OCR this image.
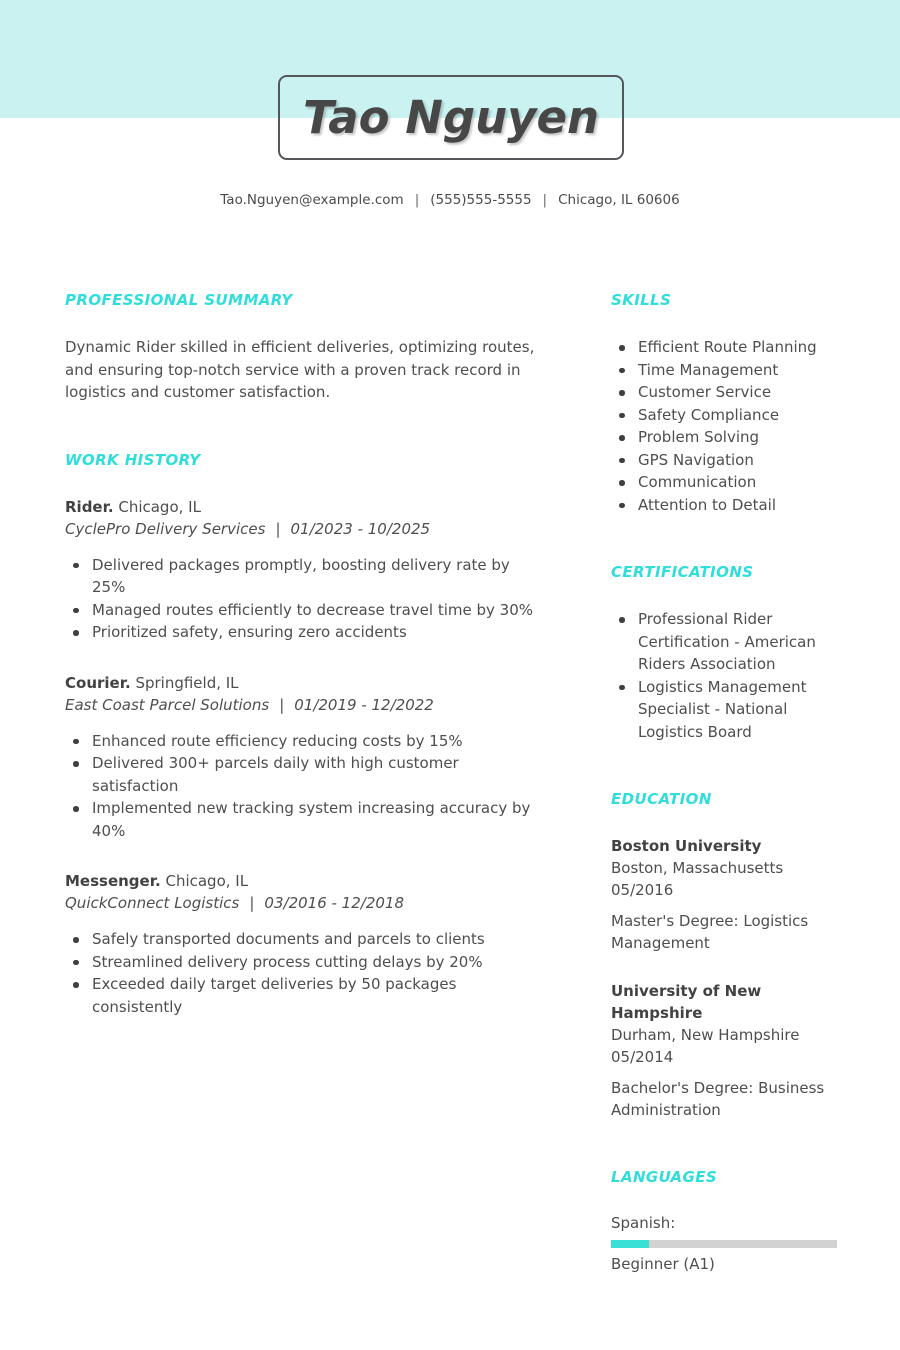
Tao Nguyen
Tao.Nguyen@example.com | (555)555-5555 | Chicago, IL 60606
PROFESSIONAL SUMMARY

Dynamic Rider skilled in efficient deliveries, optimizing routes, and ensuring top-notch service with a proven track record in logistics and customer satisfaction.

WORK HISTORY
Rider. Chicago, IL
CyclePro Delivery Services | 01/2023 - 10/2025
Delivered packages promptly, boosting delivery rate by 25%
Managed routes efficiently to decrease travel time by 30%
Prioritized safety, ensuring zero accidents
Courier. Springfield, IL
East Coast Parcel Solutions | 01/2019 - 12/2022
Enhanced route efficiency reducing costs by 15%
Delivered 300+ parcels daily with high customer satisfaction
Implemented new tracking system increasing accuracy by 40%
Messenger. Chicago, IL
QuickConnect Logistics | 03/2016 - 12/2018
Safely transported documents and parcels to clients
Streamlined delivery process cutting delays by 20%
Exceeded daily target deliveries by 50 packages consistently
SKILLS
Efficient Route Planning
Time Management
Customer Service
Safety Compliance
Problem Solving
GPS Navigation
Communication
Attention to Detail
CERTIFICATIONS
Professional Rider Certification - American Riders Association
Logistics Management Specialist - National Logistics Board
EDUCATION
Boston University
Boston, Massachusetts
05/2016
Master's Degree: Logistics Management
University of New Hampshire
Durham, New Hampshire
05/2014
Bachelor's Degree: Business Administration
LANGUAGES
Spanish:
Beginner (A1)
